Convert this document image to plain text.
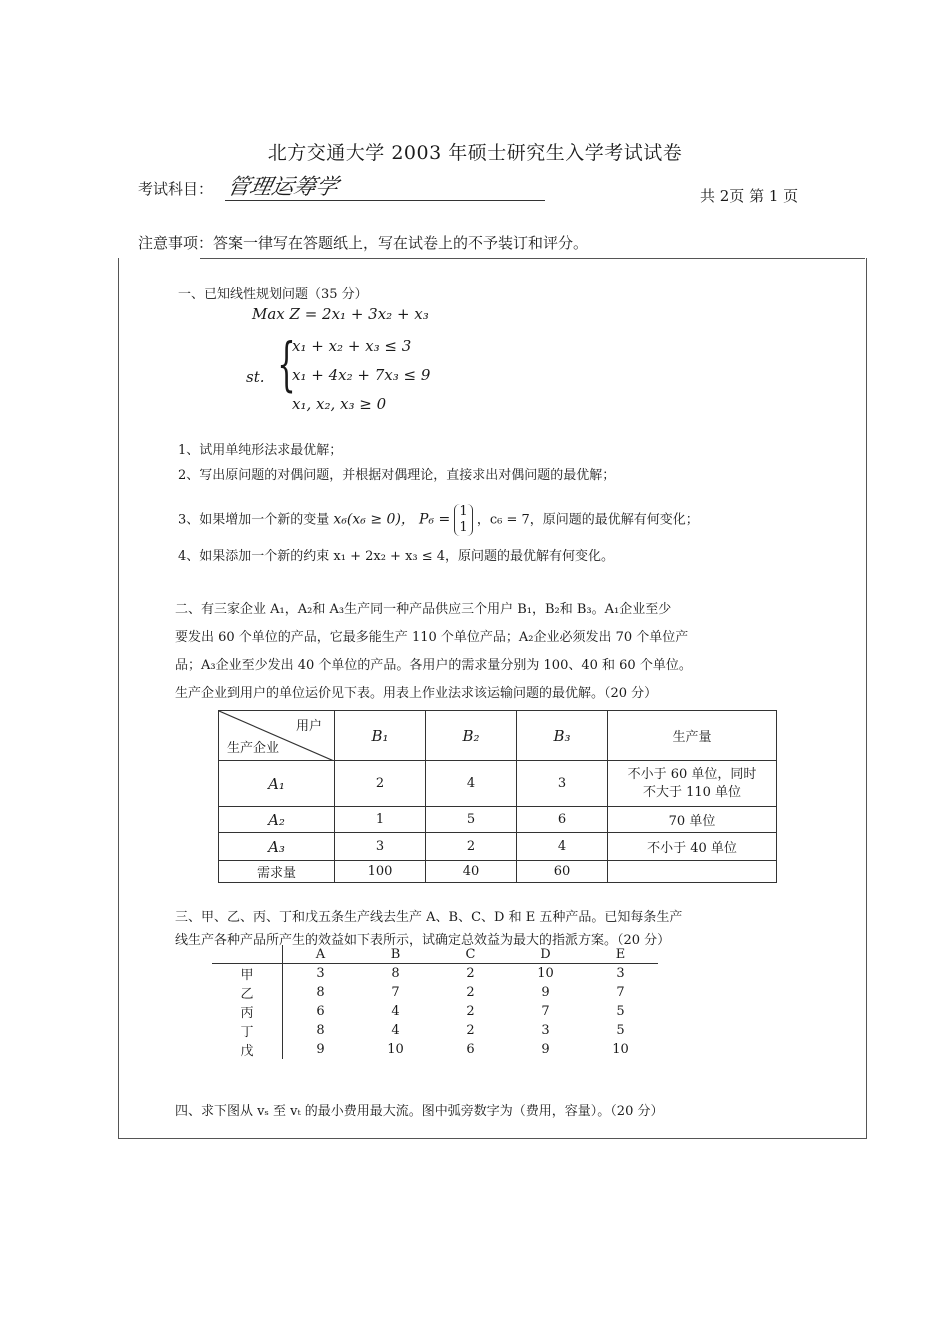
北方交通大学 2003 年硕士研究生入学考试试卷
考试科目： 管理运筹学	共 2页 第 1 页
注意事项：答案一律写在答题纸上，写在试卷上的不予装订和评分。
一、已知线性规划问题（35 分）
Max Z = 2x₁ + 3x₂ + x₃
st. {
x₁ + x₂ + x₃ ≤ 3
x₁ + 4x₂ + 7x₃ ≤ 9
x₁, x₂, x₃ ≥ 0
1、试用单纯形法求最优解；
2、写出原问题的对偶问题，并根据对偶理论，直接求出对偶问题的最优解；
3、如果增加一个新的变量 x₆(x₆ ≥ 0)， P₆ = 1
1 ，c₆ = 7，原问题的最优解有何变化；
4、如果添加一个新的约束 x₁ + 2x₂ + x₃ ≤ 4，原问题的最优解有何变化。
二、有三家企业 A₁，A₂和 A₃生产同一种产品供应三个用户 B₁，B₂和 B₃。A₁企业至少
要发出 60 个单位的产品，它最多能生产 110 个单位产品；A₂企业必须发出 70 个单位产
品；A₃企业至少发出 40 个单位的产品。各用户的需求量分别为 100、40 和 60 个单位。
生产企业到用户的单位运价见下表。用表上作业法求该运输问题的最优解。（20 分）
用户
生产企业	B₁	B₂	B₃	生产量
A₁	2	4	3	不小于 60 单位，同时不大于 110 单位
A₂	1	5	6	70 单位
A₃	3	2	4	不小于 40 单位
需求量	100	40	60	
三、甲、乙、丙、丁和戊五条生产线去生产 A、B、C、D 和 E 五种产品。已知每条生产
线生产各种产品所产生的效益如下表所示，试确定总效益为最大的指派方案。（20 分）
	A	B	C	D	E
甲	3	8	2	10	3
乙	8	7	2	9	7
丙	6	4	2	7	5
丁	8	4	2	3	5
戊	9	10	6	9	10
四、求下图从 vₛ 至 vₜ 的最小费用最大流。图中弧旁数字为（费用，容量）。（20 分）
